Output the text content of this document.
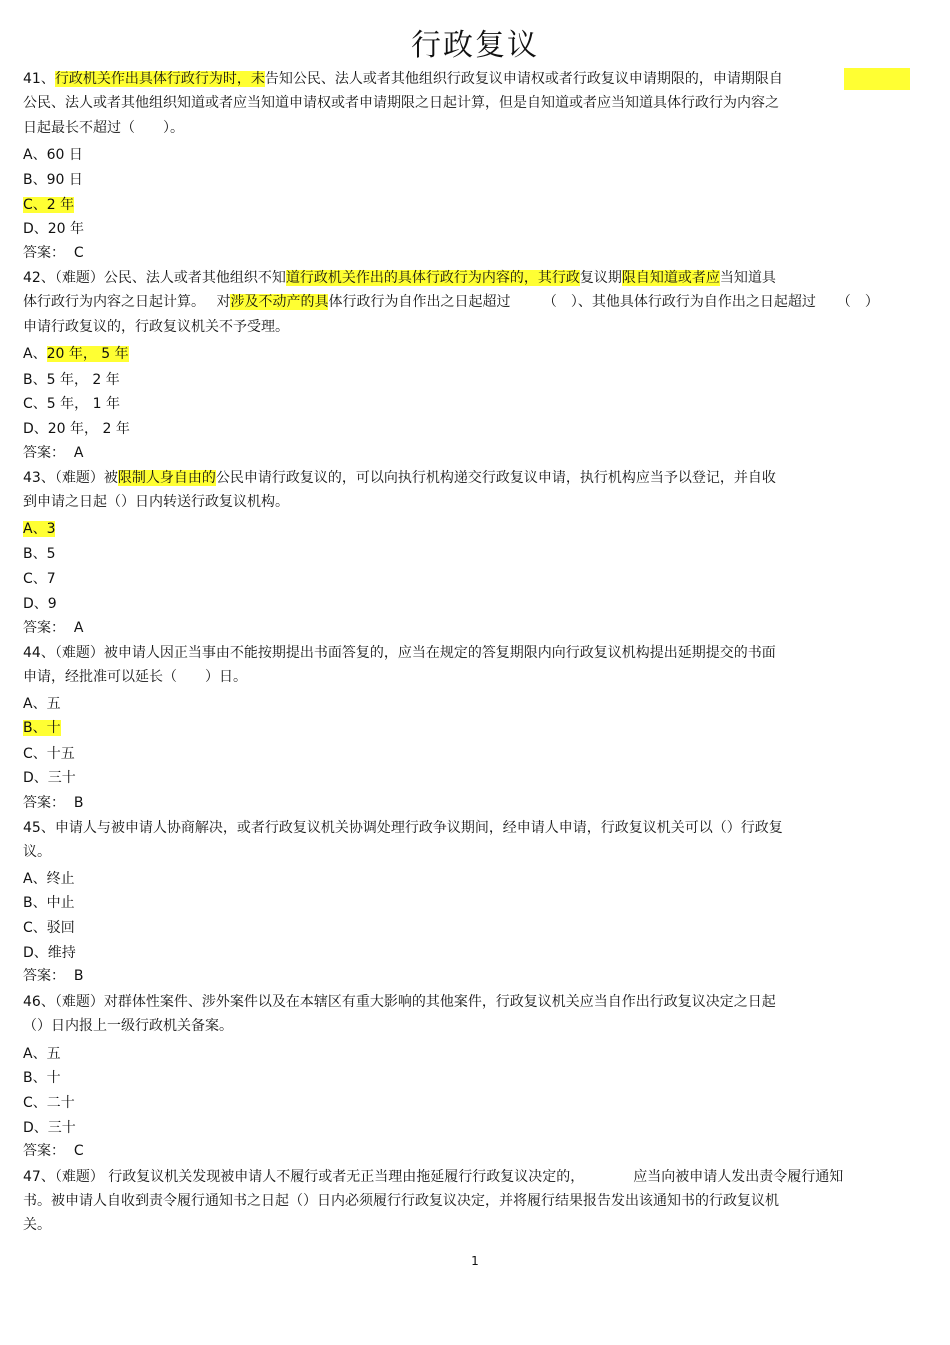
行政复议
41、行政机关作出具体行政行为时，未告知公民、法人或者其他组织行政复议申请权或者行政复议申请期限的，申请期限自
公民、法人或者其他组织知道或者应当知道申请权或者申请期限之日起计算，但是自知道或者应当知道具体行政行为内容之
日起最长不超过（　　）。
A、60 日
B、90 日
C、2 年
D、20 年
答案：  C
42、（难题）公民、法人或者其他组织不知道行政机关作出的具体行政行为内容的，其行政复议期限自知道或者应当知道具
体行政行为内容之日起计算。　 对涉及不动产的具体行政行为自作出之日起超过　　 （　）、其他具体行政行为自作出之日起超过　　（　）
申请行政复议的，行政复议机关不予受理。
A、20 年， 5 年
B、5 年， 2 年
C、5 年， 1 年
D、20 年， 2 年
答案：  A
43、（难题）被限制人身自由的公民申请行政复议的，可以向执行机构递交行政复议申请，执行机构应当予以登记，并自收
到申请之日起（）日内转送行政复议机构。
A、3
B、5
C、7
D、9
答案：  A
44、（难题）被申请人因正当事由不能按期提出书面答复的，应当在规定的答复期限内向行政复议机构提出延期提交的书面
申请，经批准可以延长（　　）日。
A、五
B、十
C、十五
D、三十
答案：  B
45、申请人与被申请人协商解决，或者行政复议机关协调处理行政争议期间，经申请人申请，行政复议机关可以（）行政复
议。
A、终止
B、中止
C、驳回
D、维持
答案：  B
46、（难题）对群体性案件、涉外案件以及在本辖区有重大影响的其他案件，行政复议机关应当自作出行政复议决定之日起
（）日内报上一级行政机关备案。
A、五
B、十
C、二十
D、三十
答案：  C
47、（难题） 行政复议机关发现被申请人不履行或者无正当理由拖延履行行政复议决定的，　　　　应当向被申请人发出责令履行通知
书。被申请人自收到责令履行通知书之日起（）日内必须履行行政复议决定，并将履行结果报告发出该通知书的行政复议机
关。
1
